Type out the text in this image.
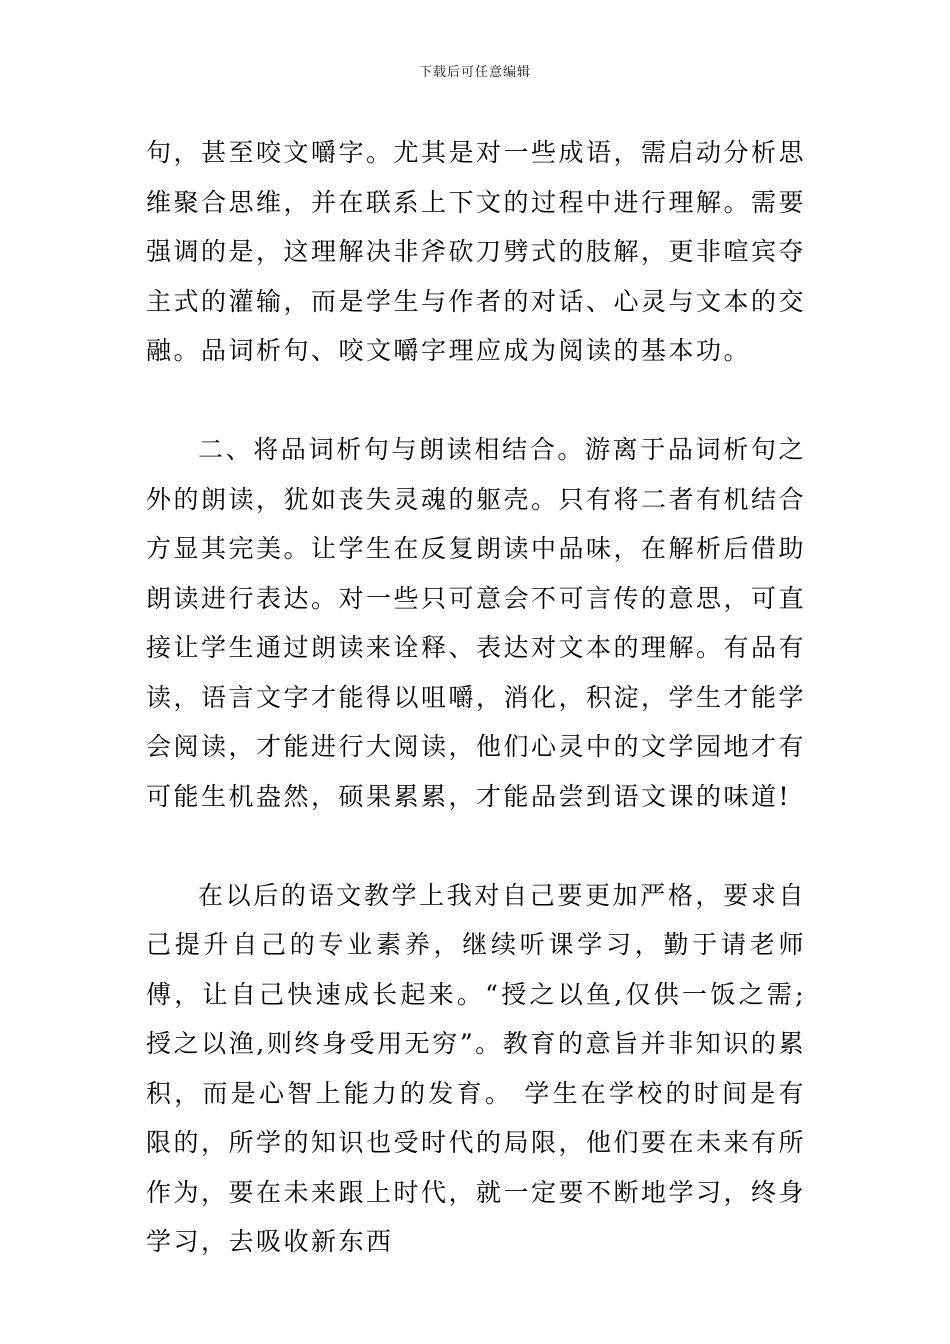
下载后可任意编辑

句，甚至咬文嚼字。尤其是对一些成语，需启动分析思维聚合思维，并在联系上下文的过程中进行理解。需要强调的是，这理解决非斧砍刀劈式的肢解，更非喧宾夺主式的灌输，而是学生与作者的对话、心灵与文本的交融。品词析句、咬文嚼字理应成为阅读的基本功。

二、将品词析句与朗读相结合。游离于品词析句之外的朗读，犹如丧失灵魂的躯壳。只有将二者有机结合方显其完美。让学生在反复朗读中品味，在解析后借助朗读进行表达。对一些只可意会不可言传的意思，可直接让学生通过朗读来诠释、表达对文本的理解。有品有读，语言文字才能得以咀嚼，消化，积淀，学生才能学会阅读，才能进行大阅读，他们心灵中的文学园地才有可能生机盎然，硕果累累，才能品尝到语文课的味道!

在以后的语文教学上我对自己要更加严格，要求自己提升自己的专业素养，继续听课学习，勤于请老师傅，让自己快速成长起来。“授之以鱼,仅供一饭之需;授之以渔,则终身受用无穷”。教育的意旨并非知识的累积，而是心智上能力的发育。 学生在学校的时间是有限的，所学的知识也受时代的局限，他们要在未来有所作为，要在未来跟上时代，就一定要不断地学习，终身学习，去吸收新东西
